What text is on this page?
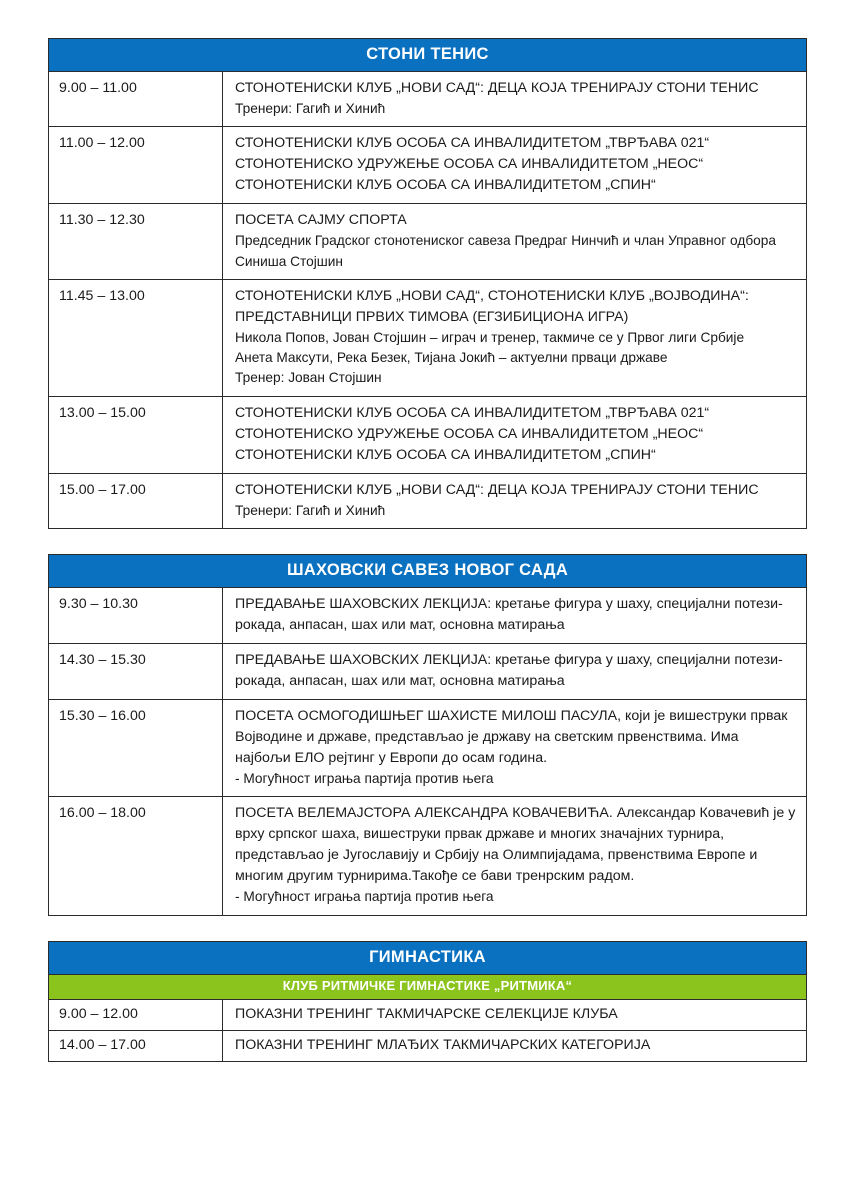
СТОНИ ТЕНИС	
9.00 – 11.00	СТОНОТЕНИСКИ КЛУБ „НОВИ САД“: ДЕЦА КОЈА ТРЕНИРАЈУ СТОНИ ТЕНИС
Тренери: Гагић и Хинић

11.00 – 12.00	СТОНОТЕНИСКИ КЛУБ ОСОБА СА ИНВАЛИДИТЕТОМ „ТВРЂАВА 021“
СТОНОТЕНИСКО УДРУЖЕЊЕ ОСОБА СА ИНВАЛИДИТЕТОМ „НЕОС“
СТОНОТЕНИСКИ КЛУБ ОСОБА СА ИНВАЛИДИТЕТОМ „СПИН“

11.30 – 12.30	ПОСЕТА САЈМУ СПОРТА
Председник Градског стонотениског савеза Предраг Нинчић и члан Управног одбора Синиша Стојшин

11.45 – 13.00	СТОНОТЕНИСКИ КЛУБ „НОВИ САД“, СТОНОТЕНИСКИ КЛУБ „ВОЈВОДИНА“:
ПРЕДСТАВНИЦИ ПРВИХ ТИМОВА (ЕГЗИБИЦИОНА ИГРА)
Никола Попов, Јован Стојшин – играч и тренер, такмиче се у Првог лиги Србије
Анета Максути, Река Безек, Тијана Јокић – актуелни прваци државе
Тренер: Јован Стојшин

13.00 – 15.00	СТОНОТЕНИСКИ КЛУБ ОСОБА СА ИНВАЛИДИТЕТОМ „ТВРЂАВА 021“
СТОНОТЕНИСКО УДРУЖЕЊЕ ОСОБА СА ИНВАЛИДИТЕТОМ „НЕОС“
СТОНОТЕНИСКИ КЛУБ ОСОБА СА ИНВАЛИДИТЕТОМ „СПИН“

15.00 – 17.00	СТОНОТЕНИСКИ КЛУБ „НОВИ САД“: ДЕЦА КОЈА ТРЕНИРАЈУ СТОНИ ТЕНИС
Тренери: Гагић и Хинић
ШАХОВСКИ САВЕЗ НОВОГ САДА	
9.30 – 10.30	ПРЕДАВАЊЕ ШАХОВСКИХ ЛЕКЦИЈА: кретање фигура у шаху, специјални потези-рокада, анпасан, шах или мат, основна матирања

14.30 – 15.30	ПРЕДАВАЊЕ ШАХОВСКИХ ЛЕКЦИЈА: кретање фигура у шаху, специјални потези-рокада, анпасан, шах или мат, основна матирања

15.30 – 16.00	ПОСЕТА ОСМОГОДИШЊЕГ ШАХИСТЕ МИЛОШ ПАСУЛА, који је вишеструки првак Војводине и државе, представљао је државу на светским првенствима. Има најбољи ЕЛО рејтинг у Европи до осам година.
- Могућност играња партија против њега

16.00 – 18.00	ПОСЕТА ВЕЛЕМАЈСТОРА АЛЕКСАНДРА КОВАЧЕВИЋА. Александар Ковачевић је у врху српског шаха, вишеструки првак државе и многих значајних турнира, представљао је Југославију и Србију на Олимпијадама, првенствима Европе и многим другим турнирима.Такође се бави тренрским радом.
- Могућност играња партија против њега
ГИМНАСТИКА	
КЛУБ РИТМИЧКЕ ГИМНАСТИКЕ „РИТМИКА“	
9.00 – 12.00	ПОКАЗНИ ТРЕНИНГ ТАКМИЧАРСКЕ СЕЛЕКЦИЈЕ КЛУБА

14.00 – 17.00	ПОКАЗНИ ТРЕНИНГ МЛАЂИХ ТАКМИЧАРСКИХ КАТЕГОРИЈА
